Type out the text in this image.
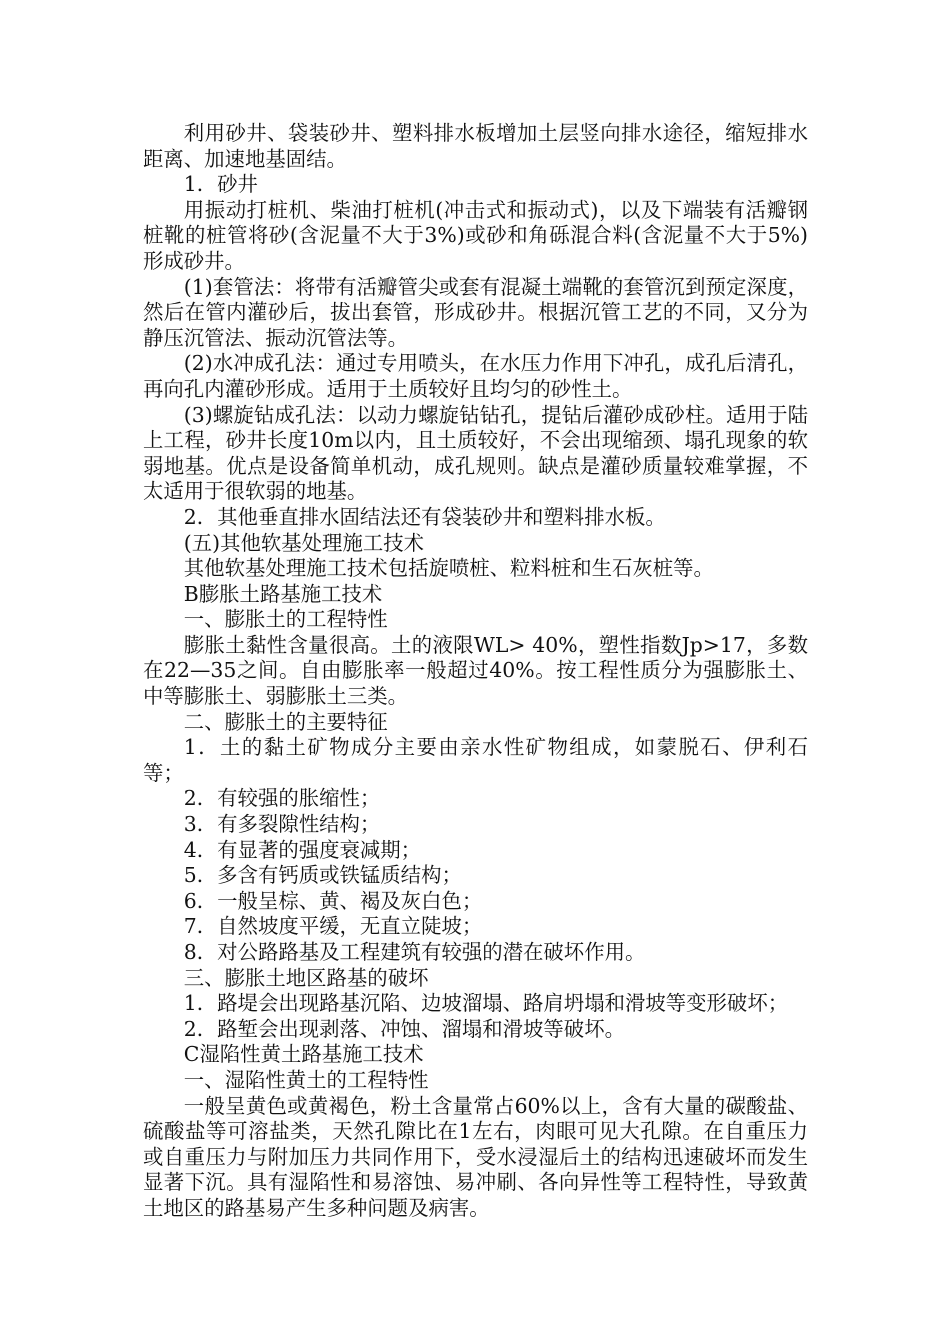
利用砂井、袋装砂井、塑料排水板增加土层竖向排水途径，缩短排水距离、加速地基固结。

1．砂井

用振动打桩机、柴油打桩机(冲击式和振动式)，以及下端装有活瓣钢桩靴的桩管将砂(含泥量不大于3%)或砂和角砾混合料(含泥量不大于5%)形成砂井。

(1)套管法：将带有活瓣管尖或套有混凝土端靴的套管沉到预定深度，然后在管内灌砂后，拔出套管，形成砂井。根据沉管工艺的不同，又分为静压沉管法、振动沉管法等。

(2)水冲成孔法：通过专用喷头，在水压力作用下冲孔，成孔后清孔，再向孔内灌砂形成。适用于土质较好且均匀的砂性土。

(3)螺旋钻成孔法：以动力螺旋钻钻孔，提钻后灌砂成砂柱。适用于陆上工程，砂井长度10m以内，且土质较好，不会出现缩颈、塌孔现象的软弱地基。优点是设备简单机动，成孔规则。缺点是灌砂质量较难掌握，不太适用于很软弱的地基。

2．其他垂直排水固结法还有袋装砂井和塑料排水板。

(五)其他软基处理施工技术

其他软基处理施工技术包括旋喷桩、粒料桩和生石灰桩等。

B膨胀土路基施工技术

一、膨胀土的工程特性

膨胀土黏性含量很高。土的液限WL> 40%，塑性指数Jp>17，多数在22—35之间。自由膨胀率一般超过40%。按工程性质分为强膨胀土、中等膨胀土、弱膨胀土三类。

二、膨胀土的主要特征

1．土的黏土矿物成分主要由亲水性矿物组成，如蒙脱石、伊利石等；

2．有较强的胀缩性；

3．有多裂隙性结构；

4．有显著的强度衰减期；

5．多含有钙质或铁锰质结构；

6．一般呈棕、黄、褐及灰白色；

7．自然坡度平缓，无直立陡坡；

8．对公路路基及工程建筑有较强的潜在破坏作用。

三、膨胀土地区路基的破坏

1．路堤会出现路基沉陷、边坡溜塌、路肩坍塌和滑坡等变形破坏；

2．路堑会出现剥落、冲蚀、溜塌和滑坡等破坏。

C湿陷性黄土路基施工技术

一、湿陷性黄土的工程特性

一般呈黄色或黄褐色，粉土含量常占60%以上，含有大量的碳酸盐、硫酸盐等可溶盐类，天然孔隙比在1左右，肉眼可见大孔隙。在自重压力或自重压力与附加压力共同作用下，受水浸湿后土的结构迅速破坏而发生显著下沉。具有湿陷性和易溶蚀、易冲刷、各向异性等工程特性，导致黄土地区的路基易产生多种问题及病害。
